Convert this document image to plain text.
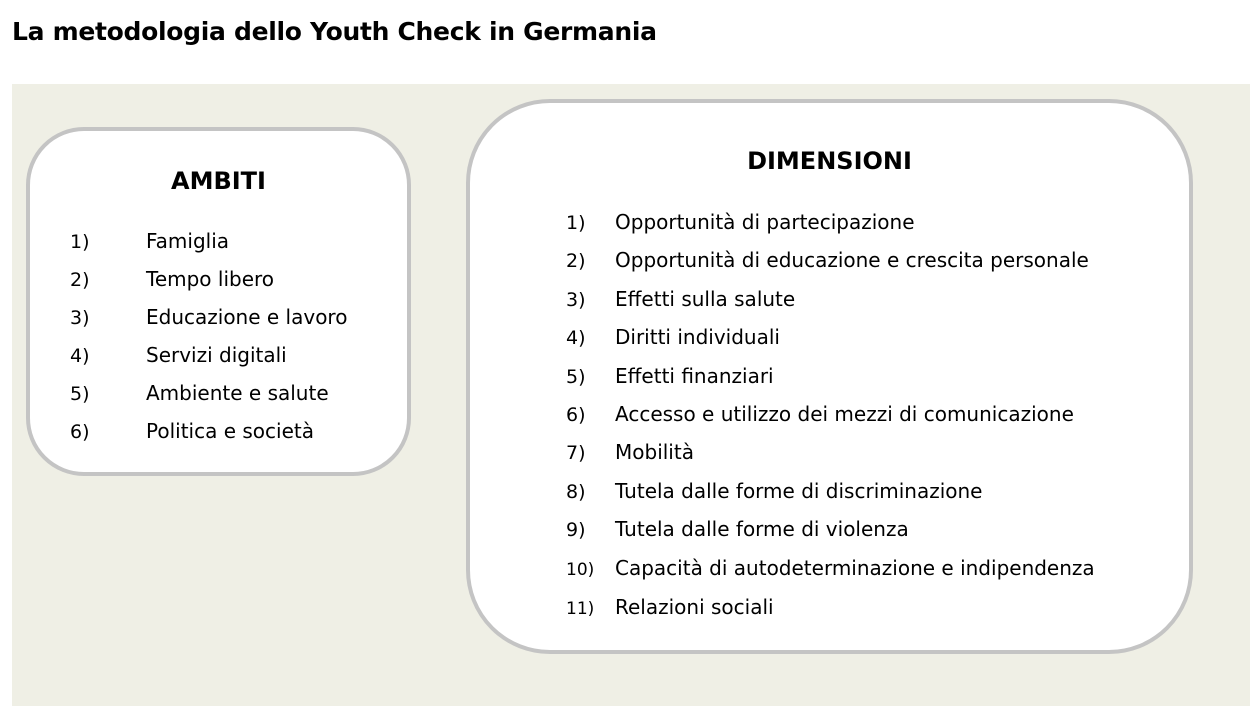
La metodologia dello Youth Check in Germania
AMBITI
1)	Famiglia
2)	Tempo libero
3)	Educazione e lavoro
4)	Servizi digitali
5)	Ambiente e salute
6)	Politica e società
DIMENSIONI
1) Opportunità di partecipazione
2) Opportunità di educazione e crescita personale
3) Effetti sulla salute
4) Diritti individuali
5) Effetti finanziari
6) Accesso e utilizzo dei mezzi di comunicazione
7) Mobilità
8) Tutela dalle forme di discriminazione
9) Tutela dalle forme di violenza
10) Capacità di autodeterminazione e indipendenza
11) Relazioni sociali
